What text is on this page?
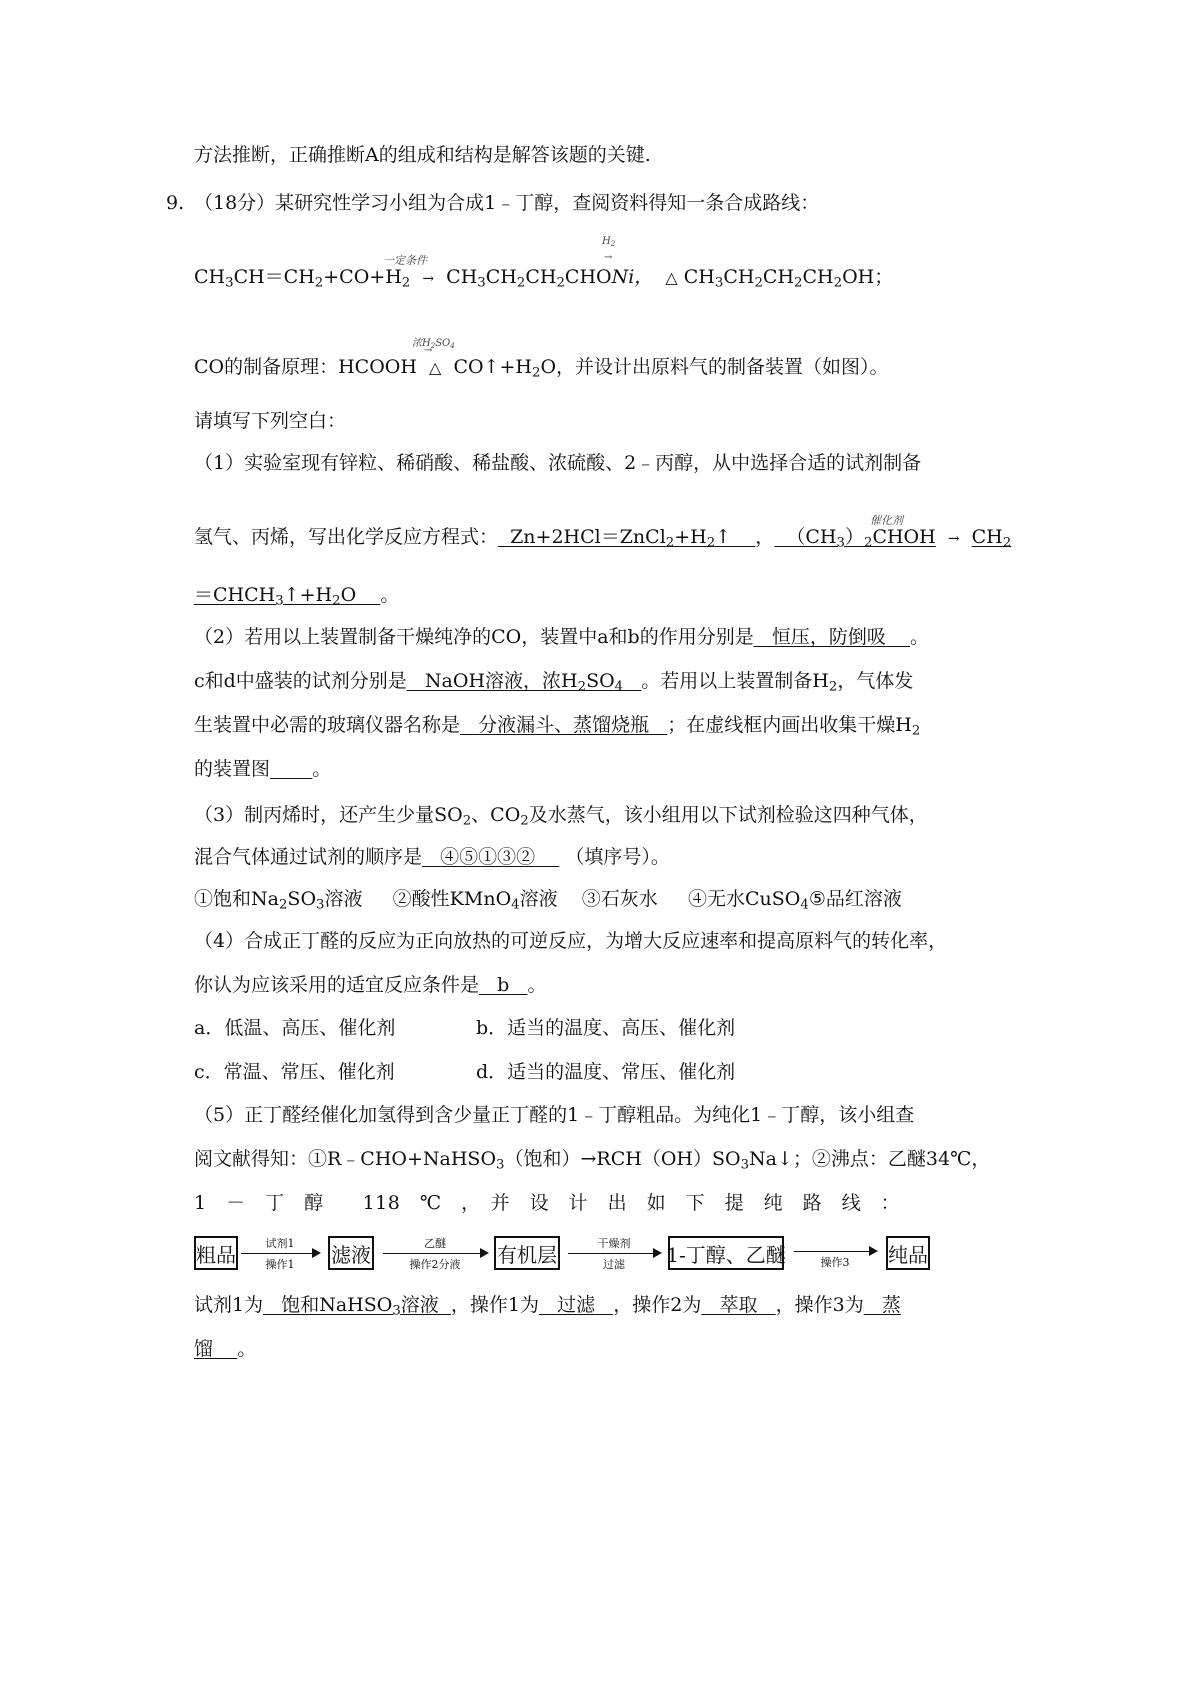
方法推断，正确推断A的组成和结构是解答该题的关键.
9. （18分）某研究性学习小组为合成1﹣丁醇，查阅资料得知一条合成路线：
一定条件
$H_2$
→
$CH_3CH=CH_2+CO+H_2$ →  $CH_3CH_2CH_2CHONi$， △ $CH_3CH_2CH_2CH_2OH$；
浓$H_2SO_4$
→
CO的制备原理：HCOOH △  $CO↑+H_2O$，并设计出原料气的制备装置（如图）。
请填写下列空白：
（1）实验室现有锌粒、稀硝酸、稀盐酸、浓硫酸、2﹣丙醇，从中选择合适的试剂制备
催化剂
氢气、丙烯，写出化学反应方程式：  $Zn+2HCl=ZnCl_2+H_2↑$    ，  $(CH_3)_2CHOH \to CH_2$
$=CHCH_3↑+H_2O$    。
（2）若用以上装置制备干燥纯净的CO，装置中a和b的作用分别是 恒压，防倒吸 。
c和d中盛装的试剂分别是   NaOH溶液，浓$H_2SO_4$ 。若用以上装置制备$H_2$，气体发
生装置中必需的玻璃仪器名称是 分液漏斗、蒸馏烧瓶 ；在虚线框内画出收集干燥$H_2$
的装置图 。
（3）制丙烯时，还产生少量$SO_2$、$CO_2$及水蒸气，该小组用以下试剂检验这四种气体，
混合气体通过试剂的顺序是 ④⑤①③② （填序号）。
①饱和$Na_2SO_3$溶液     ②酸性KMnO$_4$溶液    ③石灰水     ④无水CuSO$_4$⑤品红溶液
（4）合成正丁醛的反应为正向放热的可逆反应，为增大反应速率和提高原料气的转化率，
你认为应该采用的适宜反应条件是 b 。
a．低温、高压、催化剂	b．适当的温度、高压、催化剂
c．常温、常压、催化剂	d．适当的温度、常压、催化剂
（5）正丁醛经催化加氢得到含少量正丁醛的1﹣丁醇粗品。为纯化1﹣丁醇，该小组查
阅文献得知：①R﹣CHO+NaHSO$_3$（饱和）$\to RCH(OH)SO_3Na↓$；②沸点：乙醚34℃，
1　－　丁　醇　　118　℃　，　并　设　计　出　如　下　提　纯　路　线　：
粗品	试剂1
操作1 滤液	乙醚
操作2分液 有机层	干燥剂
过滤 1-丁醇、乙醚	操作3 纯品
试剂1为   饱和NaHSO$_3$溶液  ，操作1为 过滤 ，操作2为 萃取 ，操作3为 蒸
馏 。
